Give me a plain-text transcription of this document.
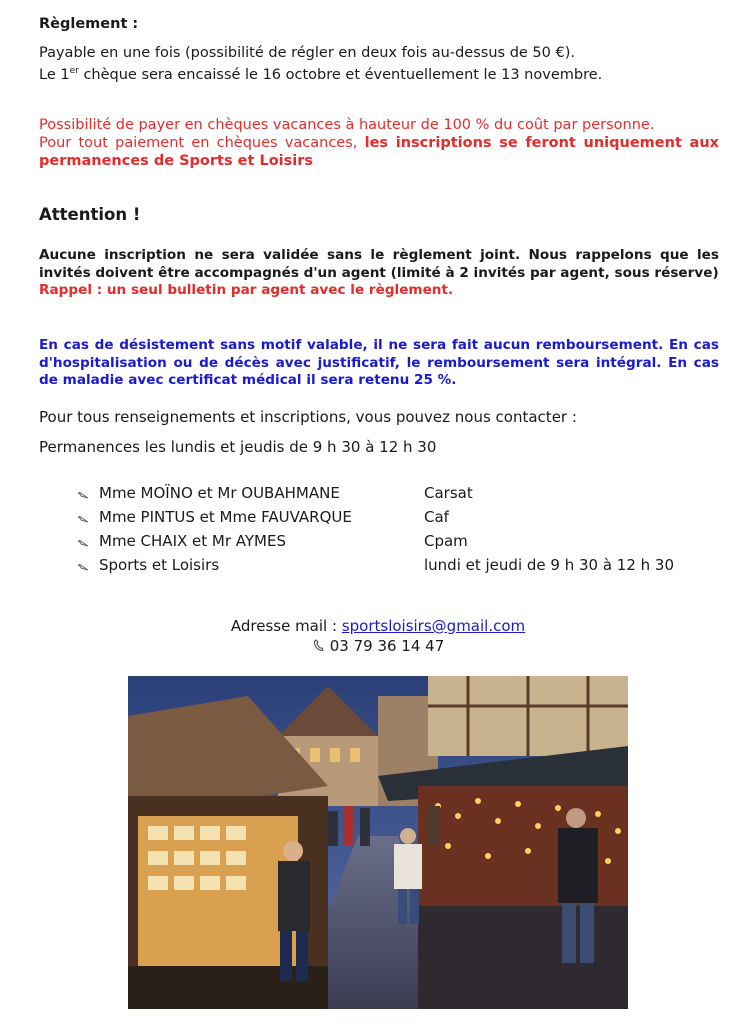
Règlement :
Payable en une fois (possibilité de régler en deux fois au-dessus de 50 €).
Le 1er chèque sera encaissé le 16 octobre et éventuellement le 13 novembre.
Possibilité de payer en chèques vacances à hauteur de 100 % du coût par personne.
Pour tout paiement en chèques vacances, les inscriptions se feront uniquement aux permanences de Sports et Loisirs
Attention !
Aucune inscription ne sera validée sans le règlement joint. Nous rappelons que les invités doivent être accompagnés d'un agent (limité à 2 invités par agent, sous réserve)
Rappel : un seul bulletin par agent avec le règlement.
En cas de désistement sans motif valable, il ne sera fait aucun remboursement. En cas d'hospitalisation ou de décès avec justificatif, le remboursement sera intégral. En cas de maladie avec certificat médical il sera retenu 25 %.
Pour tous renseignements et inscriptions, vous pouvez nous contacter :
Permanences les lundis et jeudis de 9 h 30 à 12 h 30
Mme MOÏNO et Mr OUBAHMANE	Carsat
Mme PINTUS et Mme FAUVARQUE	Caf
Mme CHAIX et Mr AYMES	Cpam
Sports et Loisirs	lundi et jeudi de 9 h 30 à 12 h 30
Adresse mail : sportsloisirs@gmail.com
03 79 36 14 47
